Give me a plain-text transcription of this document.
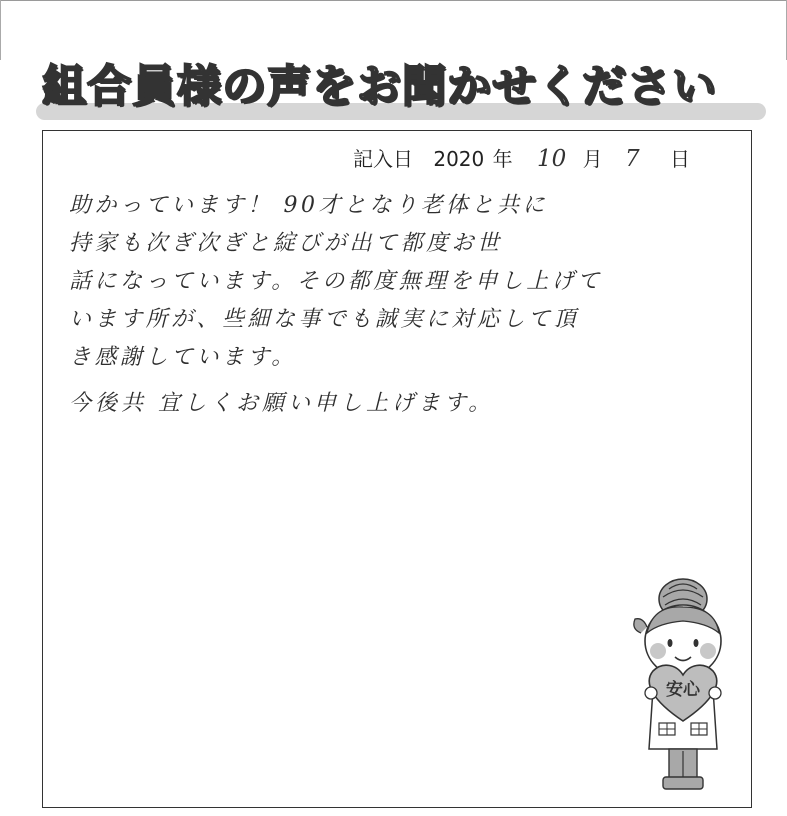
組合員様の声をお聞かせください
記入日 2020 年 10 月 7 日
助かっています！ 90才となり老体と共に
持家も次ぎ次ぎと綻びが出て都度お世
話になっています。その都度無理を申し上げて
います所が、些細な事でも誠実に対応して頂
き感謝しています。
今後共 宜しくお願い申し上げます。
安心
